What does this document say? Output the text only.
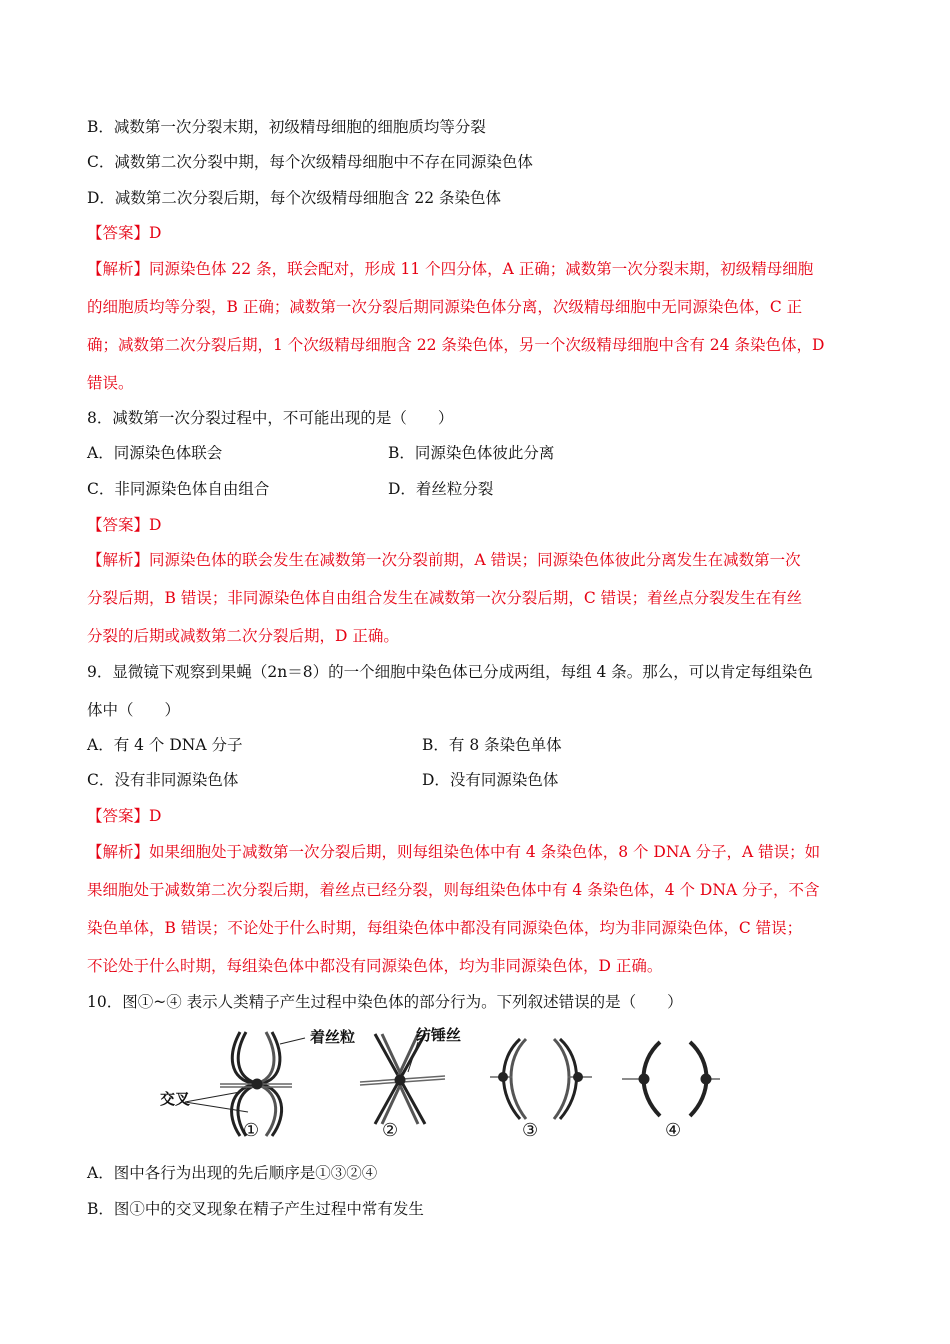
B．减数第一次分裂末期，初级精母细胞的细胞质均等分裂
C．减数第二次分裂中期，每个次级精母细胞中不存在同源染色体
D．减数第二次分裂后期，每个次级精母细胞含 22 条染色体
【答案】D
【解析】同源染色体 22 条，联会配对，形成 11 个四分体，A 正确；减数第一次分裂末期，初级精母细胞
的细胞质均等分裂，B 正确；减数第一次分裂后期同源染色体分离，次级精母细胞中无同源染色体，C 正
确；减数第二次分裂后期，1 个次级精母细胞含 22 条染色体，另一个次级精母细胞中含有 24 条染色体，D
错误。
8．减数第一次分裂过程中，不可能出现的是（　　）
A．同源染色体联会	B．同源染色体彼此分离
C．非同源染色体自由组合	D．着丝粒分裂
【答案】D
【解析】同源染色体的联会发生在减数第一次分裂前期，A 错误；同源染色体彼此分离发生在减数第一次
分裂后期，B 错误；非同源染色体自由组合发生在减数第一次分裂后期，C 错误；着丝点分裂发生在有丝
分裂的后期或减数第二次分裂后期，D 正确。
9．显微镜下观察到果蝇（2n＝8）的一个细胞中染色体已分成两组，每组 4 条。那么，可以肯定每组染色
体中（　　）
A．有 4 个 DNA 分子	B．有 8 条染色单体
C．没有非同源染色体	D．没有同源染色体
【答案】D
【解析】如果细胞处于减数第一次分裂后期，则每组染色体中有 4 条染色体，8 个 DNA 分子，A 错误；如
果细胞处于减数第二次分裂后期，着丝点已经分裂，则每组染色体中有 4 条染色体，4 个 DNA 分子，不含
染色单体，B 错误；不论处于什么时期，每组染色体中都没有同源染色体，均为非同源染色体，C 错误；
不论处于什么时期，每组染色体中都没有同源染色体，均为非同源染色体，D 正确。
10．图①~④ 表示人类精子产生过程中染色体的部分行为。下列叙述错误的是（　　）
着丝粒
交叉
①
纺锤丝
②	③	④
A．图中各行为出现的先后顺序是①③②④
B．图①中的交叉现象在精子产生过程中常有发生
